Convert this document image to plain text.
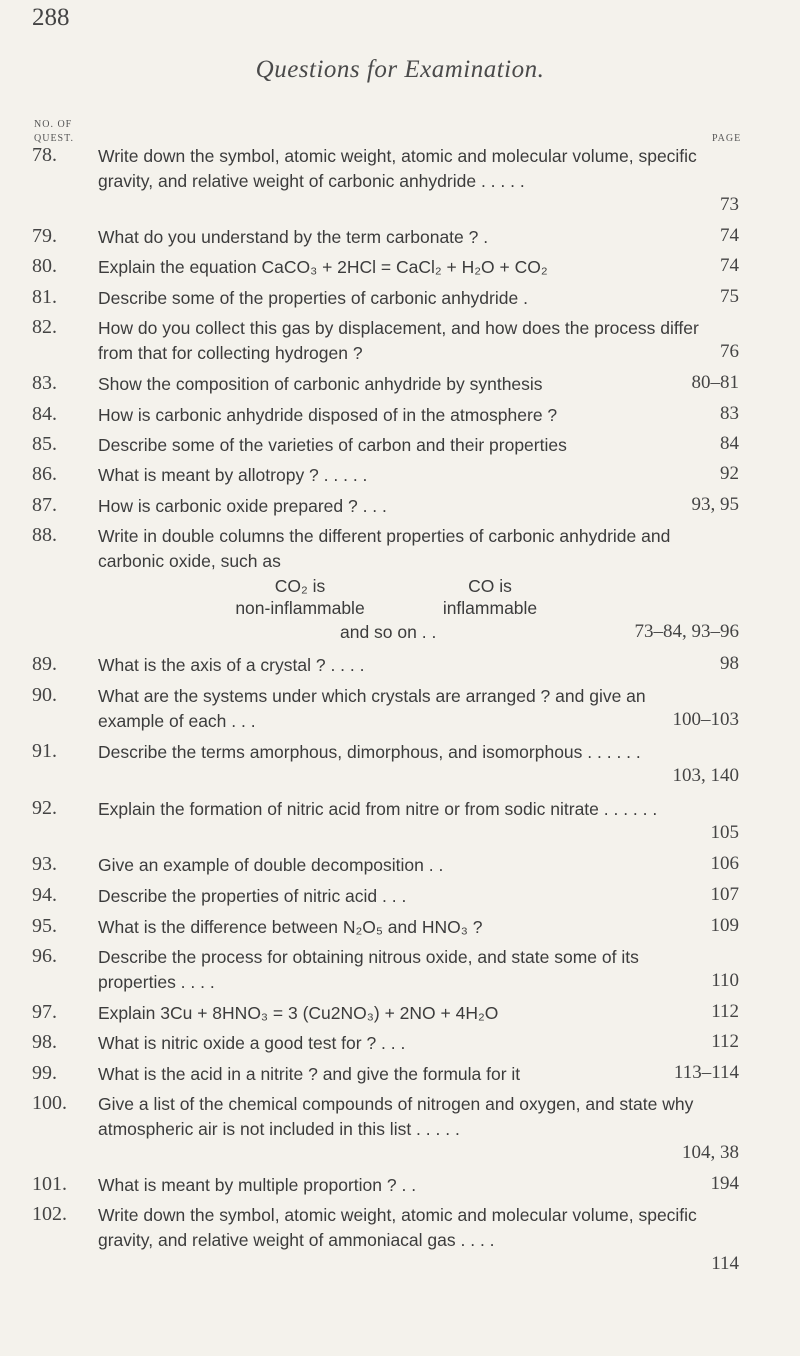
288
Questions for Examination.
NO. OF
QUEST.	PAGE
78.	Write down the symbol, atomic weight, atomic and molecular volume, specific gravity, and relative weight of carbonic anhydride . . . . .
73
79.	What do you understand by the term carbonate ? .	74
80.	Explain the equation CaCO₃ + 2HCl = CaCl₂ + H₂O + CO₂	74
81.	Describe some of the properties of carbonic anhydride .	75
82.	How do you collect this gas by displacement, and how does the process differ from that for collecting hydrogen ?	76
83.	Show the composition of carbonic anhydride by synthesis	80–81
84.	How is carbonic anhydride disposed of in the atmosphere ?	83
85.	Describe some of the varieties of carbon and their properties	84
86.	What is meant by allotropy ? . . . . .	92
87.	How is carbonic oxide prepared ? . . .	93, 95
88.	Write in double columns the different properties of carbonic anhydride and carbonic oxide, such as
CO₂ is	CO is
non-inflammable	inflammable
and so on . .	73–84, 93–96
89.	What is the axis of a crystal ? . . . .	98
90.	What are the systems under which crystals are arranged ? and give an example of each . . .	100–103
91.	Describe the terms amorphous, dimorphous, and isomorphous . . . . . .
103, 140
92.	Explain the formation of nitric acid from nitre or from sodic nitrate . . . . . .
105
93.	Give an example of double decomposition . .	106
94.	Describe the properties of nitric acid . . .	107
95.	What is the difference between N₂O₅ and HNO₃ ?	109
96.	Describe the process for obtaining nitrous oxide, and state some of its properties . . . .	110
97.	Explain 3Cu + 8HNO₃ = 3 (Cu2NO₃) + 2NO + 4H₂O	112
98.	What is nitric oxide a good test for ? . . .	112
99.	What is the acid in a nitrite ? and give the formula for it	113–114
100.	Give a list of the chemical compounds of nitrogen and oxygen, and state why atmospheric air is not included in this list . . . . .
104, 38
101.	What is meant by multiple proportion ? . .	194
102.	Write down the symbol, atomic weight, atomic and molecular volume, specific gravity, and relative weight of ammoniacal gas . . . .
114
